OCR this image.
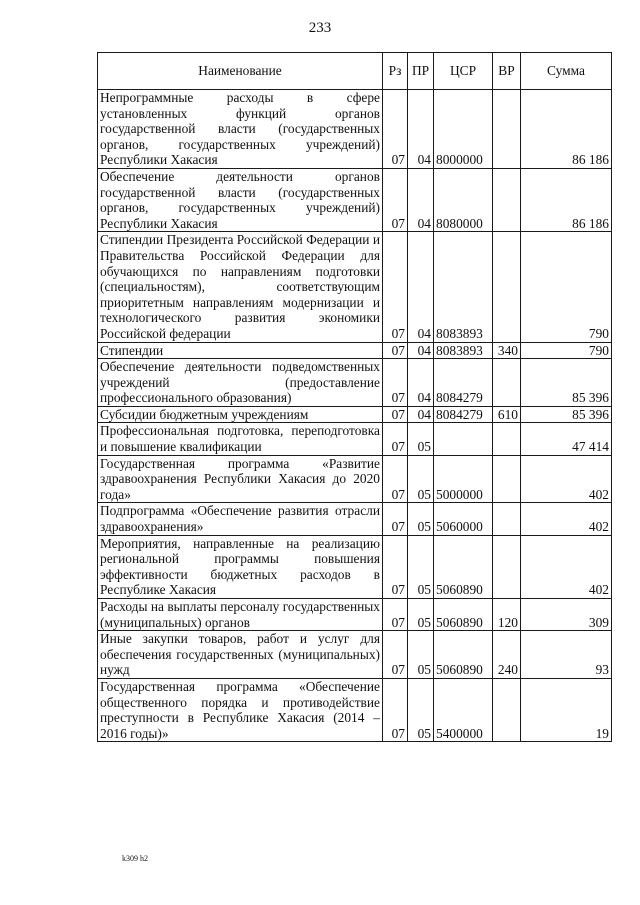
233
Наименование	Рз	ПР	ЦСР	ВР	Сумма
Непрограммные расходы в сфере установленных функций органов государственной власти (государственных органов, государственных учреждений) Республики Хакасия	07	04	8000000		86 186
Обеспечение деятельности органов государственной власти (государственных органов, государственных учреждений) Республики Хакасия	07	04	8080000		86 186
Стипендии Президента Российской Федерации и Правительства Российской Федерации для обучающихся по направлениям подготовки (специальностям), соответствующим приоритетным направлениям модернизации и технологического развития экономики Российской федерации	07	04	8083893		790
Стипендии	07	04	8083893	340	790
Обеспечение деятельности подведомственных учреждений (предоставление профессионального образования)	07	04	8084279		85 396
Субсидии бюджетным учреждениям	07	04	8084279	610	85 396
Профессиональная подготовка, переподготовка и повышение квалификации	07	05			47 414
Государственная программа «Развитие здравоохранения Республики Хакасия до 2020 года»	07	05	5000000		402
Подпрограмма «Обеспечение развития отрасли здравоохранения»	07	05	5060000		402
Мероприятия, направленные на реализацию региональной программы повышения эффективности бюджетных расходов в Республике Хакасия	07	05	5060890		402
Расходы на выплаты персоналу государственных (муниципальных) органов	07	05	5060890	120	309
Иные закупки товаров, работ и услуг для обеспечения государственных (муниципальных) нужд	07	05	5060890	240	93
Государственная программа «Обеспечение общественного порядка и противодействие преступности в Республике Хакасия (2014 – 2016 годы)»	07	05	5400000		19
k309 h2
